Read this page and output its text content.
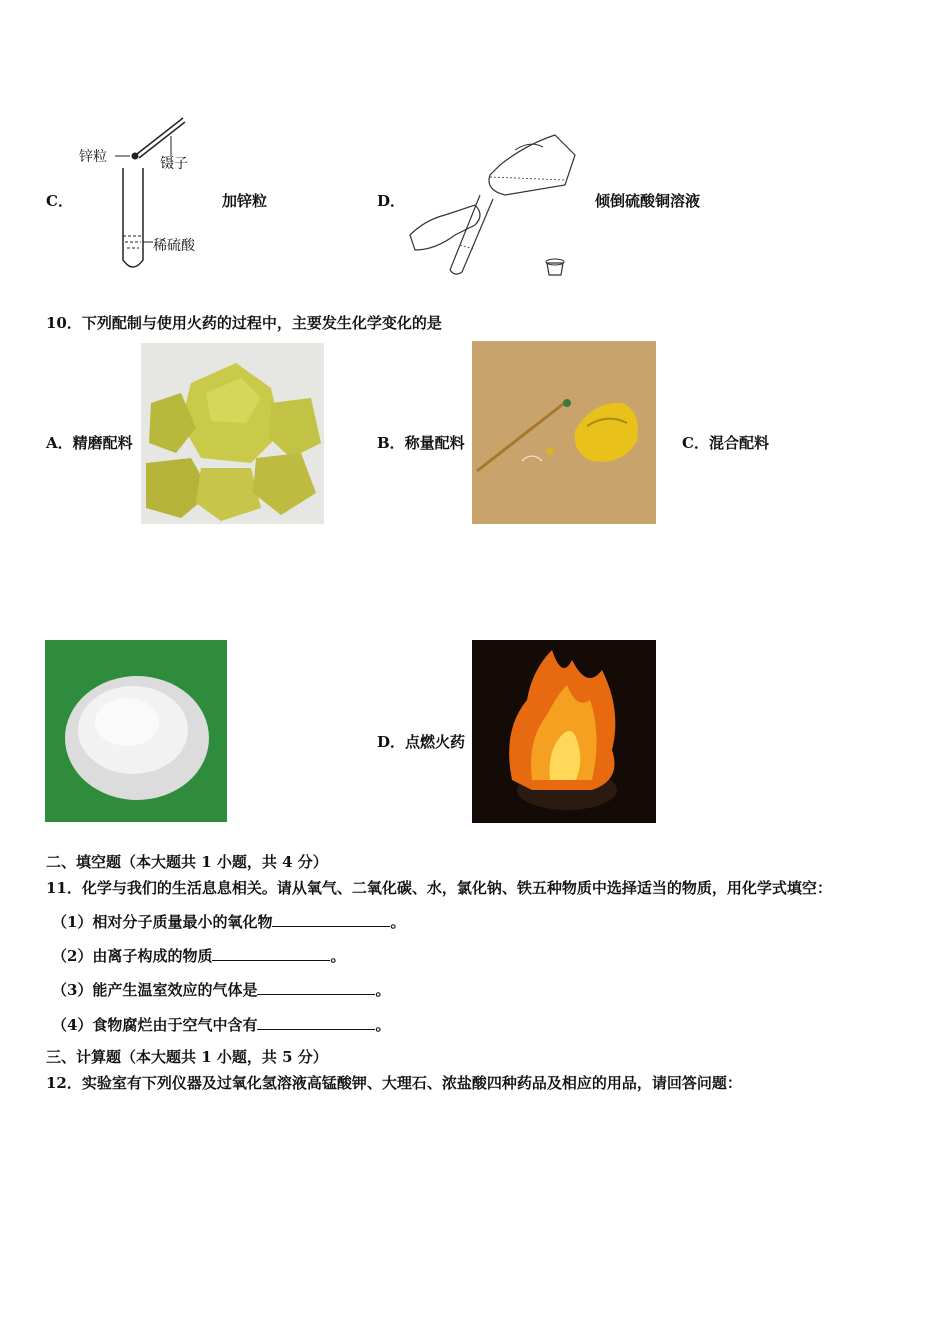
C．
锌粒	镊子
稀硫酸
加锌粒	D．	倾倒硫酸铜溶液
10．下列配制与使用火药的过程中，主要发生化学变化的是
A．精磨配料	B．称量配料	C．混合配料
D．点燃火药
二、填空题（本大题共 1 小题，共 4 分）
11．化学与我们的生活息息相关。请从氧气、二氧化碳、水，氯化钠、铁五种物质中选择适当的物质，用化学式填空：
（1）相对分子质量最小的氧化物	。
（2）由离子构成的物质	。
（3）能产生温室效应的气体是	。
（4）食物腐烂由于空气中含有	。
三、计算题（本大题共 1 小题，共 5 分）
12．实验室有下列仪器及过氧化氢溶液高锰酸钾、大理石、浓盐酸四种药品及相应的用品，请回答问题：
